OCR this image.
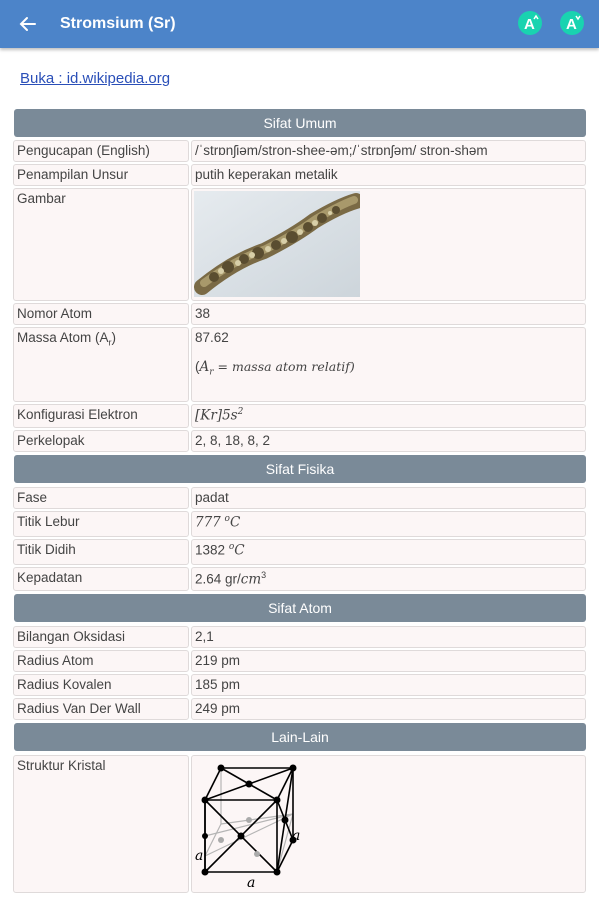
Stromsium (Sr)	A A
Buka : id.wikipedia.org
Sifat Umum
Pengucapan (English)	/ˈstrɒnʃiəm/stron-shee-əm;/ˈstrɒnʃəm/ stron-shəm
Penampilan Unsur	putih keperakan metalik
Gambar
Nomor Atom	38
Massa Atom $(A_r)$	87.62
($A_r$ = massa atom relatif)
Konfigurasi Elektron	$[Kr]5s^2$
Perkelopak	2, 8, 18, 8, 2
Sifat Fisika
Fase	padat
Titik Lebur	777 $^o$C
Titik Didih	1382 $^o$C
Kepadatan	2.64 $gr/cm^3$
Sifat Atom
Bilangan Oksidasi	2,1
Radius Atom	219 pm
Radius Kovalen	185 pm
Radius Van Der Wall	249 pm
Lain-Lain
Struktur Kristal
a
a
a
